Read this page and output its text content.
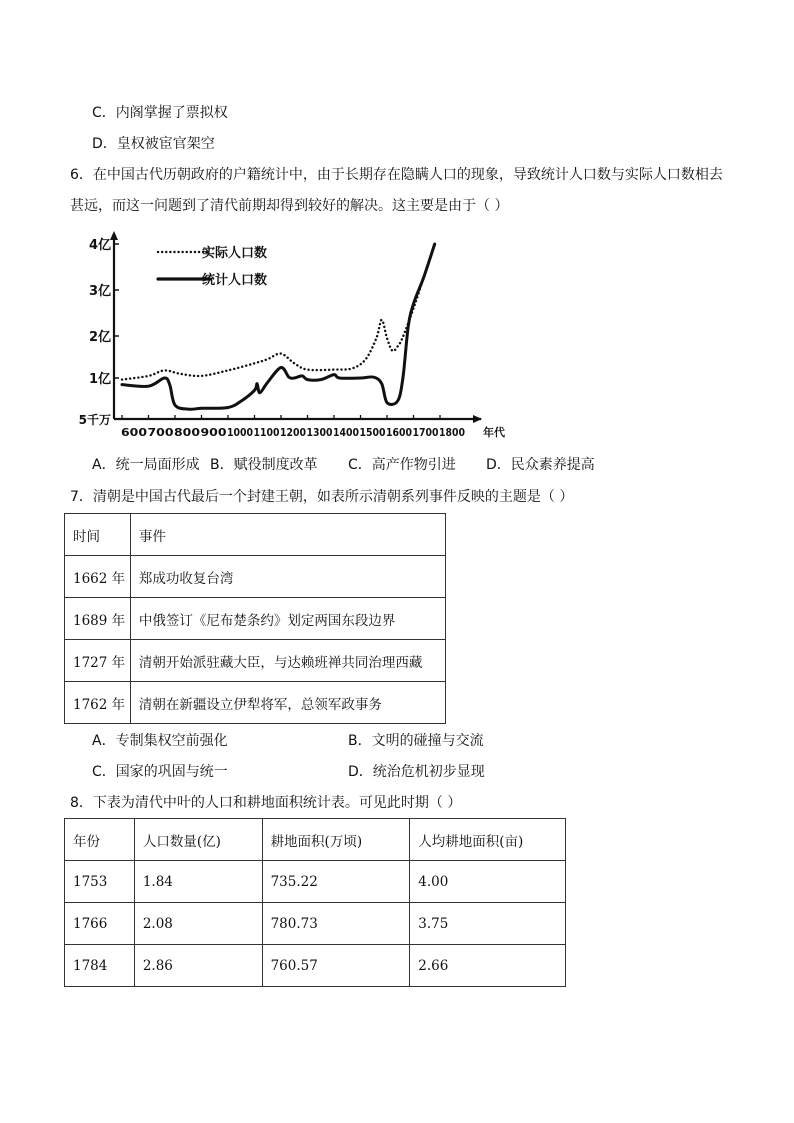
C．内阁掌握了票拟权
D．皇权被宦官架空
6．在中国古代历朝政府的户籍统计中，由于长期存在隐瞒人口的现象，导致统计人口数与实际人口数相去
甚远，而这一问题到了清代前期却得到较好的解决。这主要是由于（ ）
5千万
1亿
2亿
3亿
4亿
600 700 800 900 1000 1100 1200 1300 1400 1500 1600 1700 1800 年代
实际人口数
统计人口数
A．统一局面形成 B．赋役制度改革 C．高产作物引进 D．民众素养提高
7．清朝是中国古代最后一个封建王朝，如表所示清朝系列事件反映的主题是（ ）
时间	事件
1662 年	郑成功收复台湾
1689 年	中俄签订《尼布楚条约》划定两国东段边界
1727 年	清朝开始派驻藏大臣，与达赖班禅共同治理西藏
1762 年	清朝在新疆设立伊犁将军，总领军政事务
A．专制集权空前强化	B．文明的碰撞与交流
C．国家的巩固与统一	D．统治危机初步显现
8．下表为清代中叶的人口和耕地面积统计表。可见此时期（ ）
年份	人口数量(亿)	耕地面积(万顷)	人均耕地面积(亩)
1753	1.84	735.22	4.00
1766	2.08	780.73	3.75
1784	2.86	760.57	2.66
